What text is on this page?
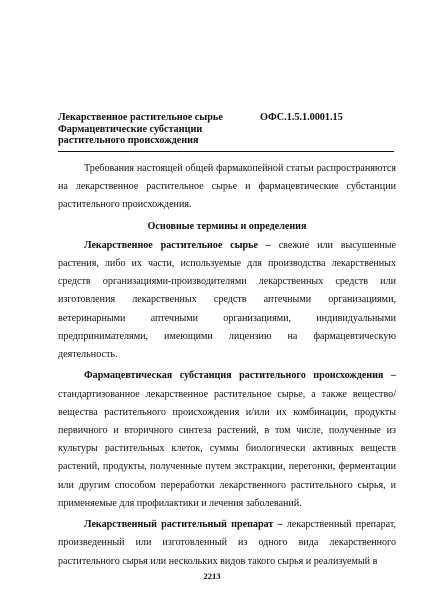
Лекарственное растительное сырье
Фармацевтические субстанции
растительного происхождения
ОФС.1.5.1.0001.15

Требования настоящей общей фармакопейной статьи распространяются на лекарственное растительное сырье и фармацевтические субстанции растительного происхождения.

Основные термины и определения

Лекарственное растительное сырье – свежие или высушенные растения, либо их части, используемые для производства лекарственных средств организациями-производителями лекарственных средств или изготовления лекарственных средств аптечными организациями, ветеринарными аптечными организациями, индивидуальными предпринимателями, имеющими лицензию на фармацевтическую деятельность.

Фармацевтическая субстанция растительного происхождения – стандартизованное лекарственное растительное сырье, а также вещество/вещества растительного происхождения и/или их комбинации, продукты первичного и вторичного синтеза растений, в том числе, полученные из культуры растительных клеток, суммы биологически активных веществ растений, продукты, полученные путем экстракции, перегонки, ферментации или другим способом переработки лекарственного растительного сырья, и применяемые для профилактики и лечения заболеваний.

Лекарственный растительный препарат – лекарственный препарат, произведенный или изготовленный из одного вида лекарственного растительного сырья или нескольких видов такого сырья и реализуемый в

2213
